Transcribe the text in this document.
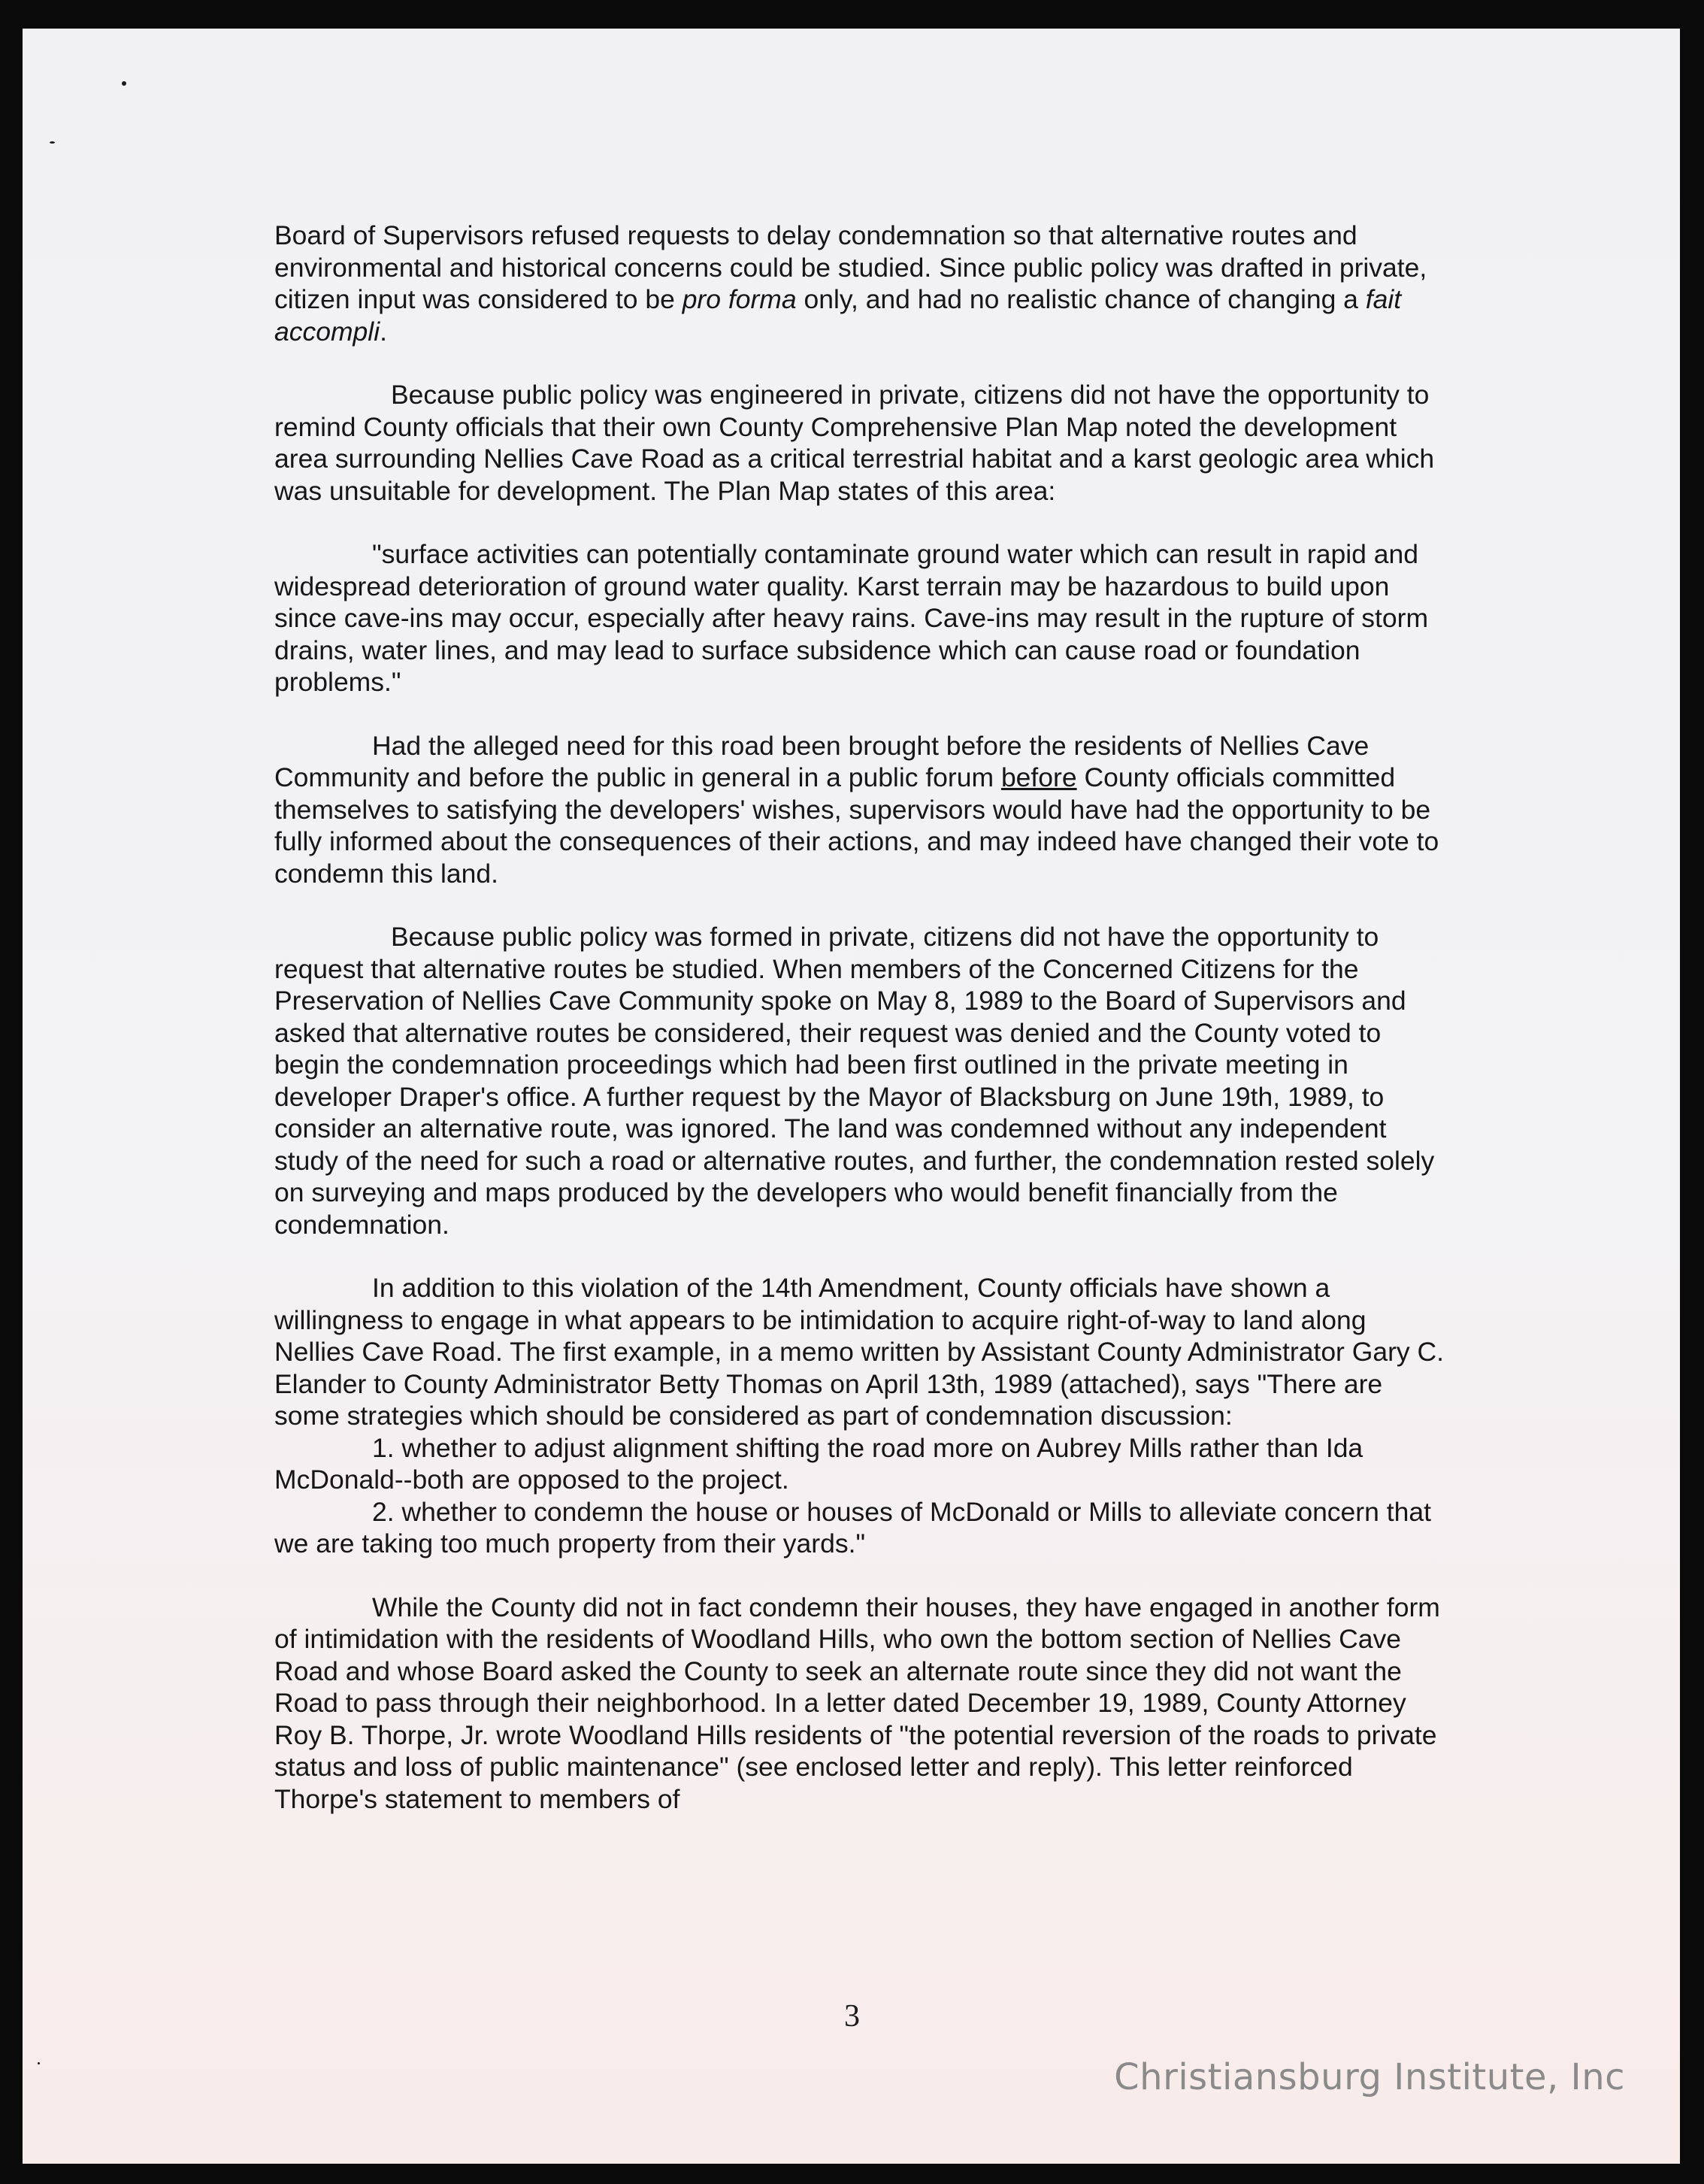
Board of Supervisors refused requests to delay condemnation so that alternative routes and environmental and historical concerns could be studied. Since public policy was drafted in private, citizen input was considered to be pro forma only, and had no realistic chance of changing a fait accompli.

Because public policy was engineered in private, citizens did not have the opportunity to remind County officials that their own County Comprehensive Plan Map noted the development area surrounding Nellies Cave Road as a critical terrestrial habitat and a karst geologic area which was unsuitable for development. The Plan Map states of this area:

"surface activities can potentially contaminate ground water which can result in rapid and widespread deterioration of ground water quality. Karst terrain may be hazardous to build upon since cave-ins may occur, especially after heavy rains. Cave-ins may result in the rupture of storm drains, water lines, and may lead to surface subsidence which can cause road or foundation problems."

Had the alleged need for this road been brought before the residents of Nellies Cave Community and before the public in general in a public forum before County officials committed themselves to satisfying the developers' wishes, supervisors would have had the opportunity to be fully informed about the consequences of their actions, and may indeed have changed their vote to condemn this land.

Because public policy was formed in private, citizens did not have the opportunity to request that alternative routes be studied. When members of the Concerned Citizens for the Preservation of Nellies Cave Community spoke on May 8, 1989 to the Board of Supervisors and asked that alternative routes be considered, their request was denied and the County voted to begin the condemnation proceedings which had been first outlined in the private meeting in developer Draper's office. A further request by the Mayor of Blacksburg on June 19th, 1989, to consider an alternative route, was ignored. The land was condemned without any independent study of the need for such a road or alternative routes, and further, the condemnation rested solely on surveying and maps produced by the developers who would benefit financially from the condemnation.

In addition to this violation of the 14th Amendment, County officials have shown a willingness to engage in what appears to be intimidation to acquire right-of-way to land along Nellies Cave Road. The first example, in a memo written by Assistant County Administrator Gary C. Elander to County Administrator Betty Thomas on April 13th, 1989 (attached), says "There are some strategies which should be considered as part of condemnation discussion:

1. whether to adjust alignment shifting the road more on Aubrey Mills rather than Ida McDonald--both are opposed to the project.

2. whether to condemn the house or houses of McDonald or Mills to alleviate concern that we are taking too much property from their yards."

While the County did not in fact condemn their houses, they have engaged in another form of intimidation with the residents of Woodland Hills, who own the bottom section of Nellies Cave Road and whose Board asked the County to seek an alternate route since they did not want the Road to pass through their neighborhood. In a letter dated December 19, 1989, County Attorney Roy B. Thorpe, Jr. wrote Woodland Hills residents of "the potential reversion of the roads to private status and loss of public maintenance" (see enclosed letter and reply). This letter reinforced Thorpe's statement to members of

3
Christiansburg Institute, Inc
